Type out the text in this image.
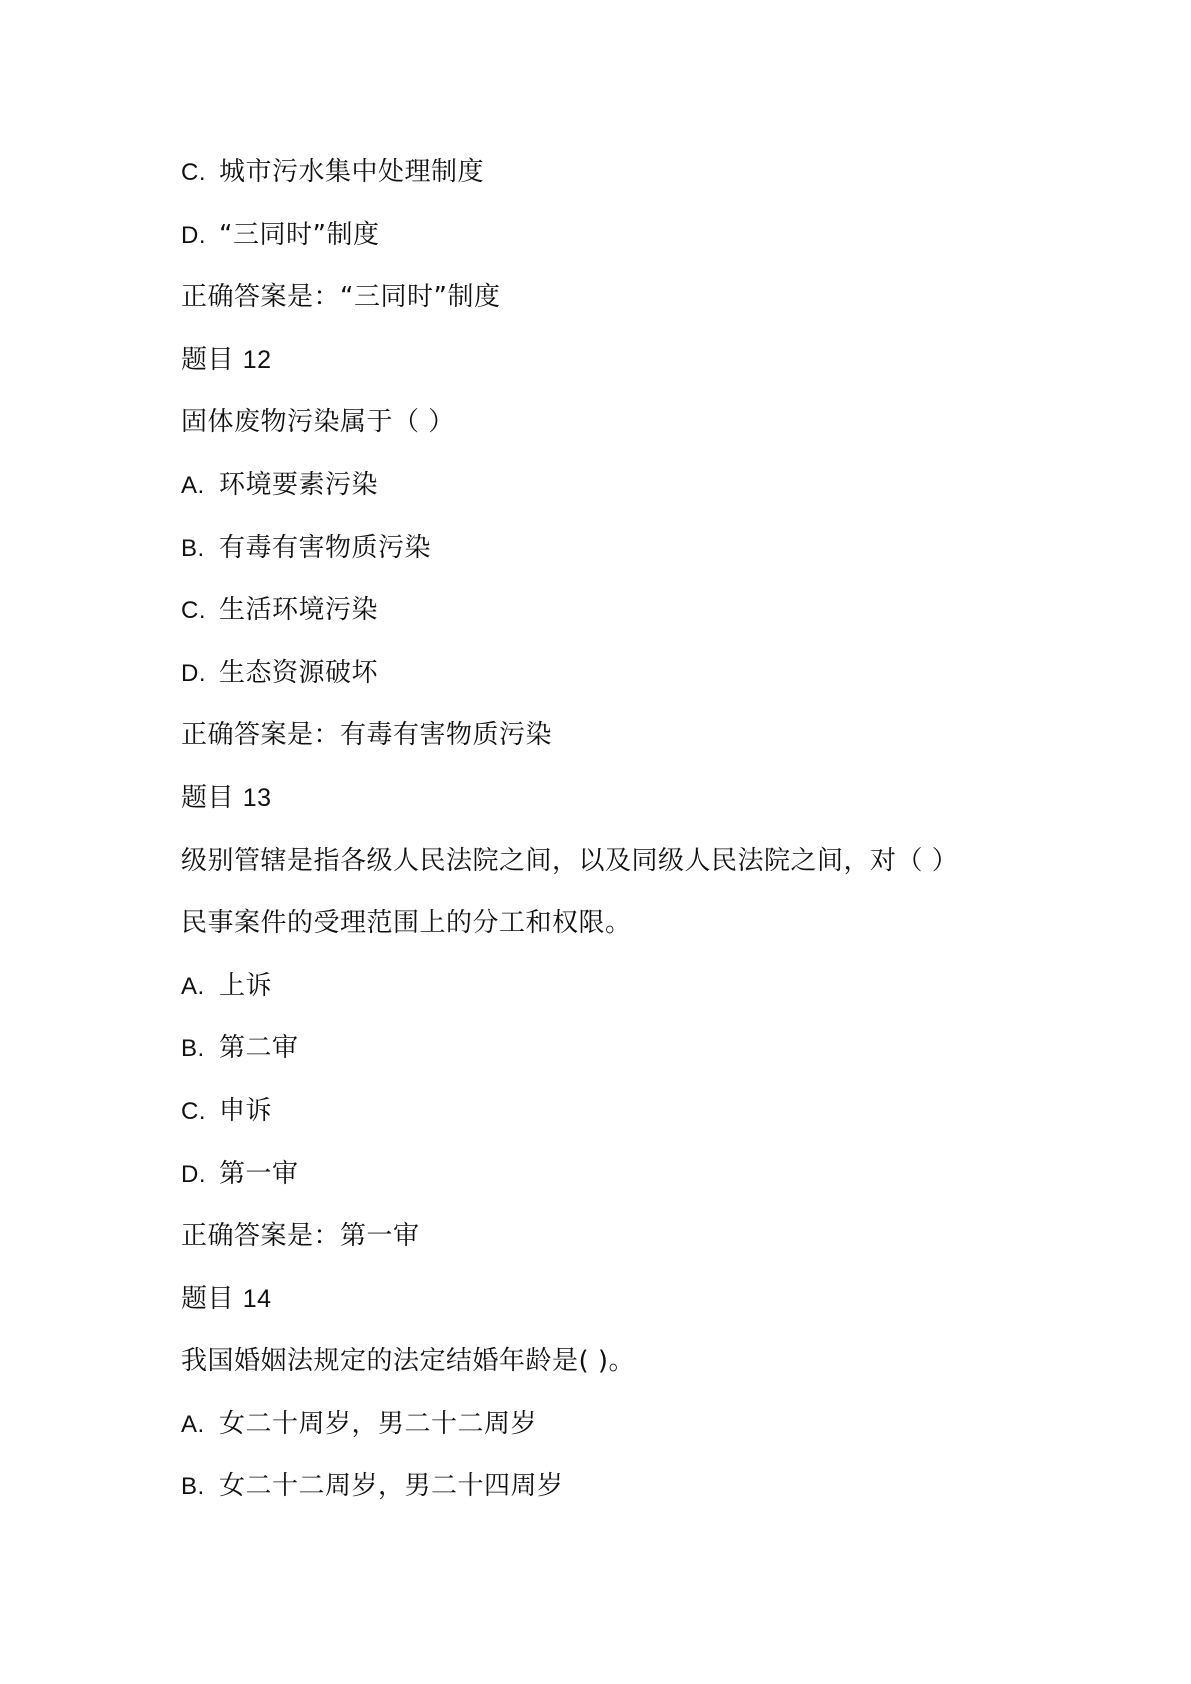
C. 城市污水集中处理制度
D. “三同时”制度
正确答案是：“三同时”制度
题目 12
固体废物污染属于（ ）
A. 环境要素污染
B. 有毒有害物质污染
C. 生活环境污染
D. 生态资源破坏
正确答案是：有毒有害物质污染
题目 13
级别管辖是指各级人民法院之间，以及同级人民法院之间，对（ ）
民事案件的受理范围上的分工和权限。
A. 上诉
B. 第二审
C. 申诉
D. 第一审
正确答案是：第一审
题目 14
我国婚姻法规定的法定结婚年龄是( )。
A. 女二十周岁，男二十二周岁
B. 女二十二周岁，男二十四周岁
